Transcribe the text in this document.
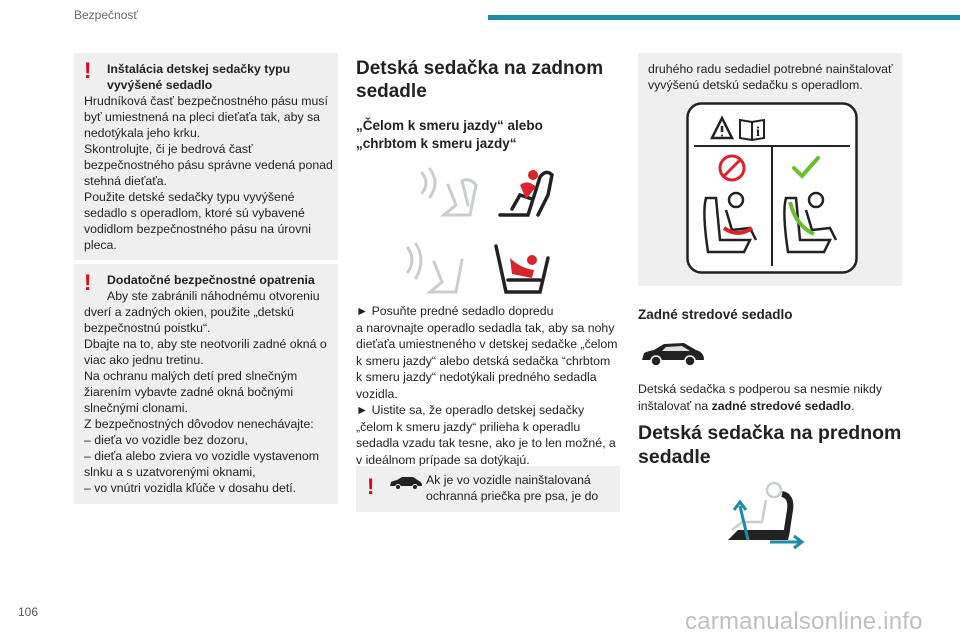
Bezpečnosť
!	Inštalácia detskej sedačky typu
vyvýšené sedadlo
Hrudníková časť bezpečnostného pásu musí
byť umiestnená na pleci dieťaťa tak, aby sa
nedotýkala jeho krku.
Skontrolujte, či je bedrová časť
bezpečnostného pásu správne vedená ponad
stehná dieťaťa.
Použite detské sedačky typu vyvýšené
sedadlo s operadlom, ktoré sú vybavené
vodidlom bezpečnostného pásu na úrovni
pleca.
!	Dodatočné bezpečnostné opatrenia
Aby ste zabránili náhodnému otvoreniu
dverí a zadných okien, použite „detskú
bezpečnostnú poistku“.
Dbajte na to, aby ste neotvorili zadné okná o
viac ako jednu tretinu.
Na ochranu malých detí pred slnečným
žiarením vybavte zadné okná bočnými
slnečnými clonami.
Z bezpečnostných dôvodov nenechávajte:
– dieťa vo vozidle bez dozoru,
– dieťa alebo zviera vo vozidle vystavenom
slnku a s uzatvorenými oknami,
– vo vnútri vozidla kľúče v dosahu detí.
Detská sedačka na zadnom
sedadle
„Čelom k smeru jazdy“ alebo
„chrbtom k smeru jazdy“
► Posuňte predné sedadlo dopredu
a narovnajte operadlo sedadla tak, aby sa nohy
dieťaťa umiestneného v detskej sedačke „čelom
k smeru jazdy“ alebo detská sedačka “chrbtom
k smeru jazdy“ nedotýkali predného sedadla
vozidla.
► Uistite sa, že operadlo detskej sedačky
„čelom k smeru jazdy“ prilieha k operadlu
sedadla vzadu tak tesne, ako je to len možné, a
v ideálnom prípade sa dotýkajú.
!	Ak je vo vozidle nainštalovaná
ochranná priečka pre psa, je do
druhého radu sedadiel potrebné nainštalovať
vyvýšenú detskú sedačku s operadlom.
i
Zadné stredové sedadlo
Detská sedačka s podperou sa nesmie nikdy
inštalovať na zadné stredové sedadlo.
Detská sedačka na prednom
sedadle
106	carmanualsonline.info
